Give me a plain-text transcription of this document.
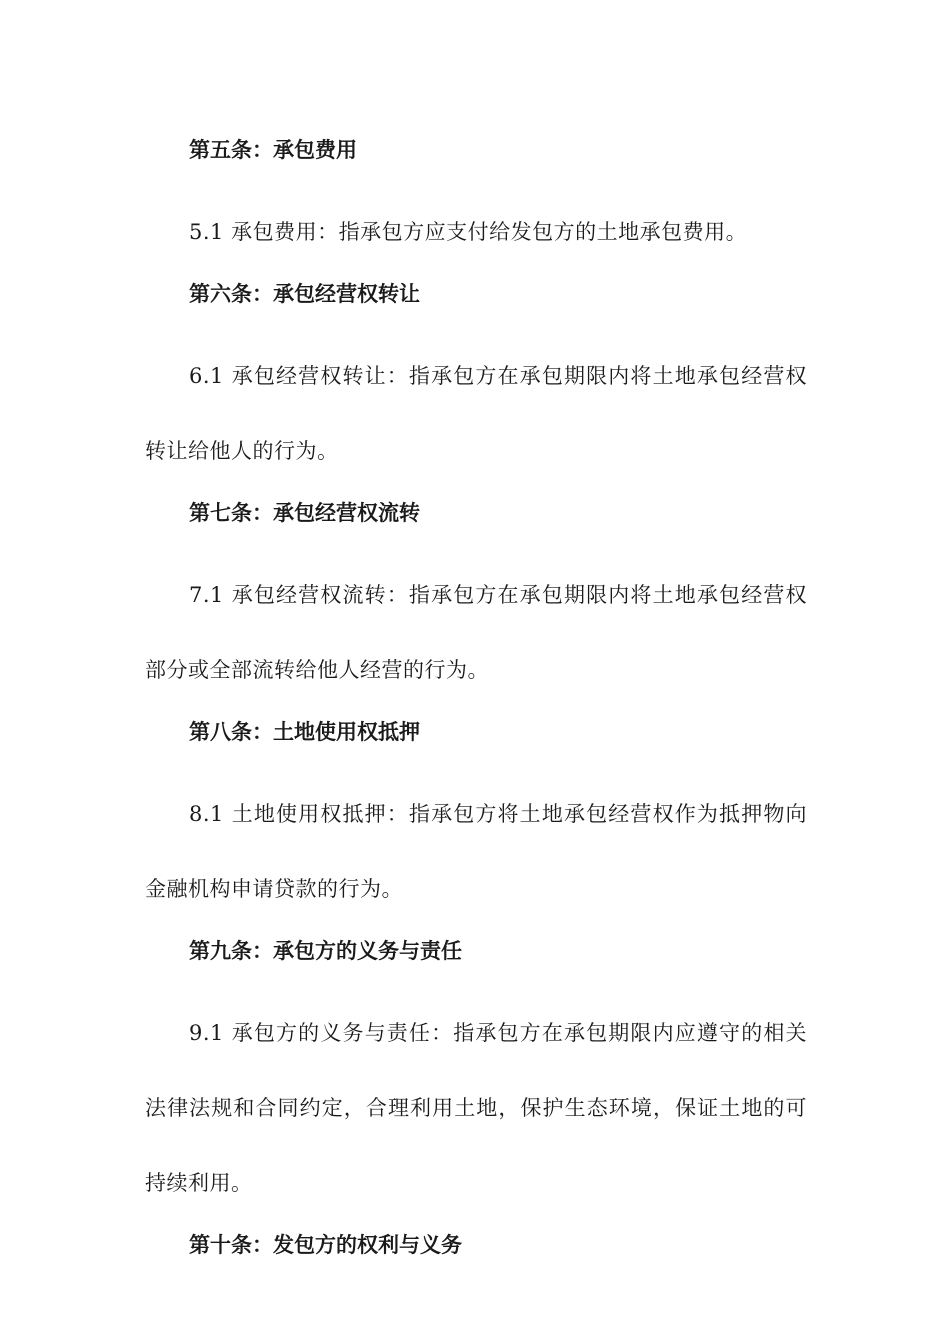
第五条：承包费用

5.1 承包费用：指承包方应支付给发包方的土地承包费用。

第六条：承包经营权转让

6.1 承包经营权转让：指承包方在承包期限内将土地承包经营权转让给他人的行为。

第七条：承包经营权流转

7.1 承包经营权流转：指承包方在承包期限内将土地承包经营权部分或全部流转给他人经营的行为。

第八条：土地使用权抵押

8.1 土地使用权抵押：指承包方将土地承包经营权作为抵押物向金融机构申请贷款的行为。

第九条：承包方的义务与责任

9.1 承包方的义务与责任：指承包方在承包期限内应遵守的相关法律法规和合同约定，合理利用土地，保护生态环境，保证土地的可持续利用。

第十条：发包方的权利与义务
